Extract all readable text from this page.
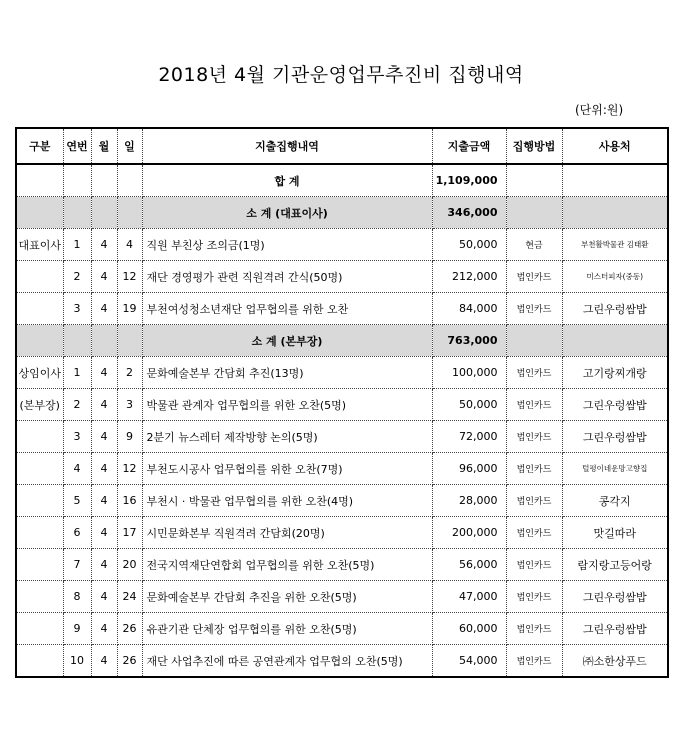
2018년 4월 기관운영업무추진비 집행내역
(단위:원)
구분	연번	월	일	지출집행내역	지출금액	집행방법	사용처
				합 계	1,109,000		
				소 계 (대표이사)	346,000		
대표이사	1	4	4	직원 부친상 조의금(1명)	50,000	현금	부천활박물관 김태환
	2	4	12	재단 경영평가 관련 직원격려 간식(50명)	212,000	법인카드	미스터피자(중동)
	3	4	19	부천여성청소년재단 업무협의를 위한 오찬	84,000	법인카드	그린우렁쌈밥
				소 계 (본부장)	763,000		
상임이사	1	4	2	문화예술본부 간담회 추진(13명)	100,000	법인카드	고기랑찌개랑
(본부장)	2	4	3	박물관 관계자 업무협의를 위한 오찬(5명)	50,000	법인카드	그린우렁쌈밥
	3	4	9	2분기 뉴스레터 제작방향 논의(5명)	72,000	법인카드	그린우렁쌈밥
	4	4	12	부천도시공사 업무협의를 위한 오찬(7명)	96,000	법인카드	털평이네운망고향집
	5	4	16	부천시 · 박물관 업무협의를 위한 오찬(4명)	28,000	법인카드	콩각지
	6	4	17	시민문화본부 직원격려 간담회(20명)	200,000	법인카드	맛길따라
	7	4	20	전국지역재단연합회 업무협의를 위한 오찬(5명)	56,000	법인카드	람지랑고등어랑
	8	4	24	문화예술본부 간담회 추진을 위한 오찬(5명)	47,000	법인카드	그린우렁쌈밥
	9	4	26	유관기관 단체장 업무협의를 위한 오찬(5명)	60,000	법인카드	그린우렁쌈밥
	10	4	26	재단 사업추진에 따른 공연관계자 업무협의 오찬(5명)	54,000	법인카드	㈜소한상푸드
